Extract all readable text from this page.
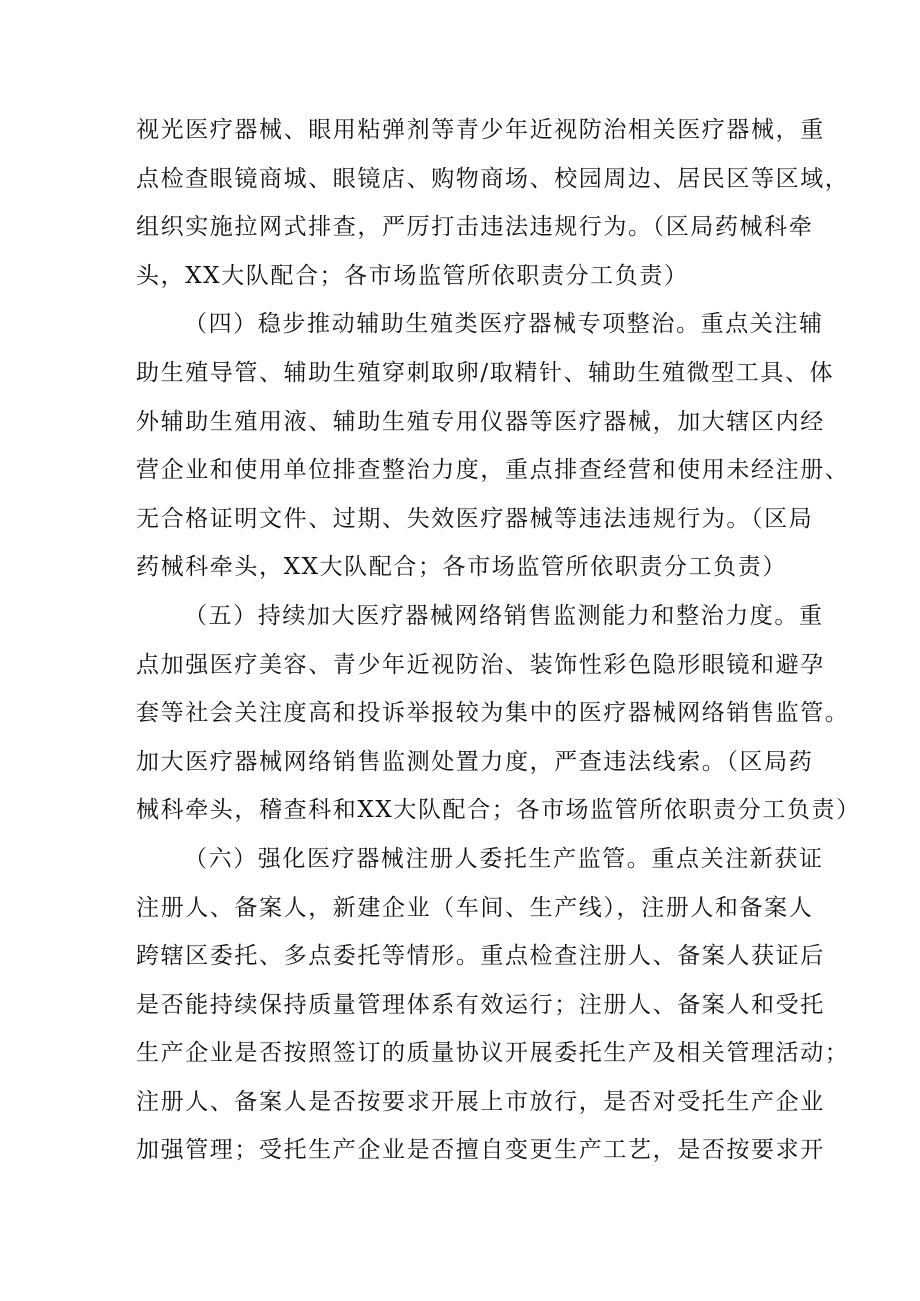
视光医疗器械、眼用粘弹剂等青少年近视防治相关医疗器械，重
点检查眼镜商城、眼镜店、购物商场、校园周边、居民区等区域，
组织实施拉网式排查，严厉打击违法违规行为。（区局药械科牵
头，XX大队配合；各市场监管所依职责分工负责）
（四）稳步推动辅助生殖类医疗器械专项整治。重点关注辅
助生殖导管、辅助生殖穿刺取卵/取精针、辅助生殖微型工具、体
外辅助生殖用液、辅助生殖专用仪器等医疗器械，加大辖区内经
营企业和使用单位排查整治力度，重点排查经营和使用未经注册、
无合格证明文件、过期、失效医疗器械等违法违规行为。（区局
药械科牵头，XX大队配合；各市场监管所依职责分工负责）
（五）持续加大医疗器械网络销售监测能力和整治力度。重
点加强医疗美容、青少年近视防治、装饰性彩色隐形眼镜和避孕
套等社会关注度高和投诉举报较为集中的医疗器械网络销售监管。
加大医疗器械网络销售监测处置力度，严查违法线索。（区局药
械科牵头，稽查科和XX大队配合；各市场监管所依职责分工负责）
（六）强化医疗器械注册人委托生产监管。重点关注新获证
注册人、备案人，新建企业（车间、生产线），注册人和备案人
跨辖区委托、多点委托等情形。重点检查注册人、备案人获证后
是否能持续保持质量管理体系有效运行；注册人、备案人和受托
生产企业是否按照签订的质量协议开展委托生产及相关管理活动；
注册人、备案人是否按要求开展上市放行，是否对受托生产企业
加强管理；受托生产企业是否擅自变更生产工艺，是否按要求开
